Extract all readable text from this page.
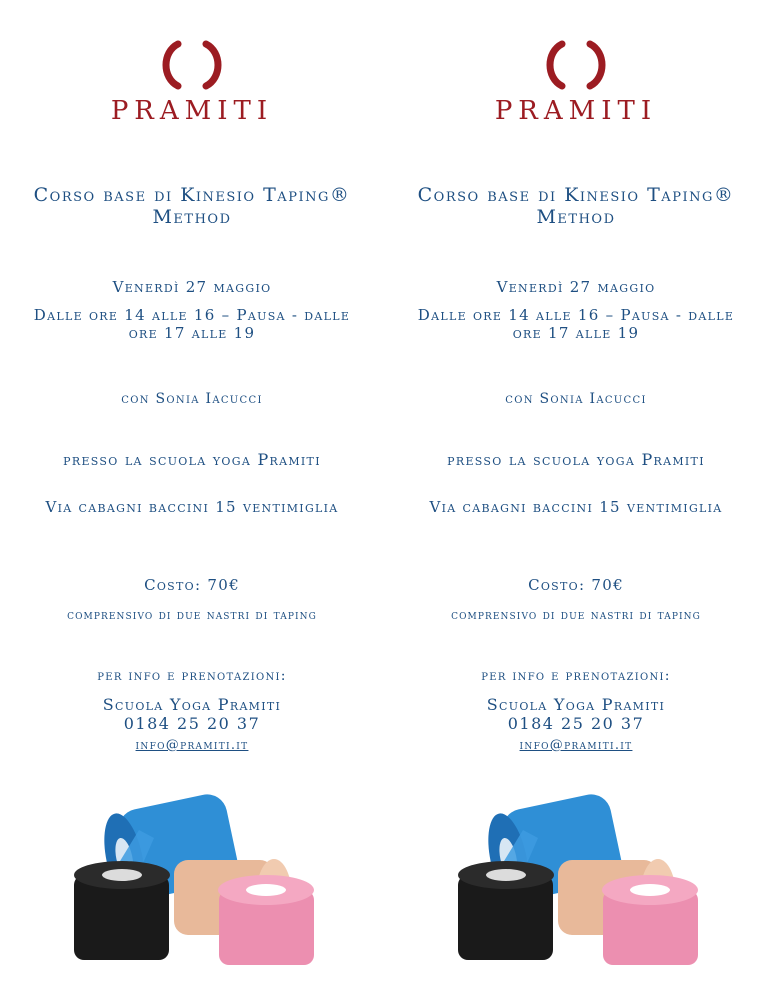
PRAMITI
Corso base di Kinesio Taping® Method
Venerdì 27 maggio
Dalle ore 14 alle 16 – Pausa - dalle ore 17 alle 19
con Sonia Iacucci
presso la scuola yoga Pramiti
Via cabagni baccini 15 ventimiglia
Costo: 70€
comprensivo di due nastri di taping
per info e prenotazioni:
Scuola Yoga Pramiti
0184 25 20 37
info@pramiti.it
PRAMITI
Corso base di Kinesio Taping® Method
Venerdì 27 maggio
Dalle ore 14 alle 16 – Pausa - dalle ore 17 alle 19
con Sonia Iacucci
presso la scuola yoga Pramiti
Via cabagni baccini 15 ventimiglia
Costo: 70€
comprensivo di due nastri di taping
per info e prenotazioni:
Scuola Yoga Pramiti
0184 25 20 37
info@pramiti.it
